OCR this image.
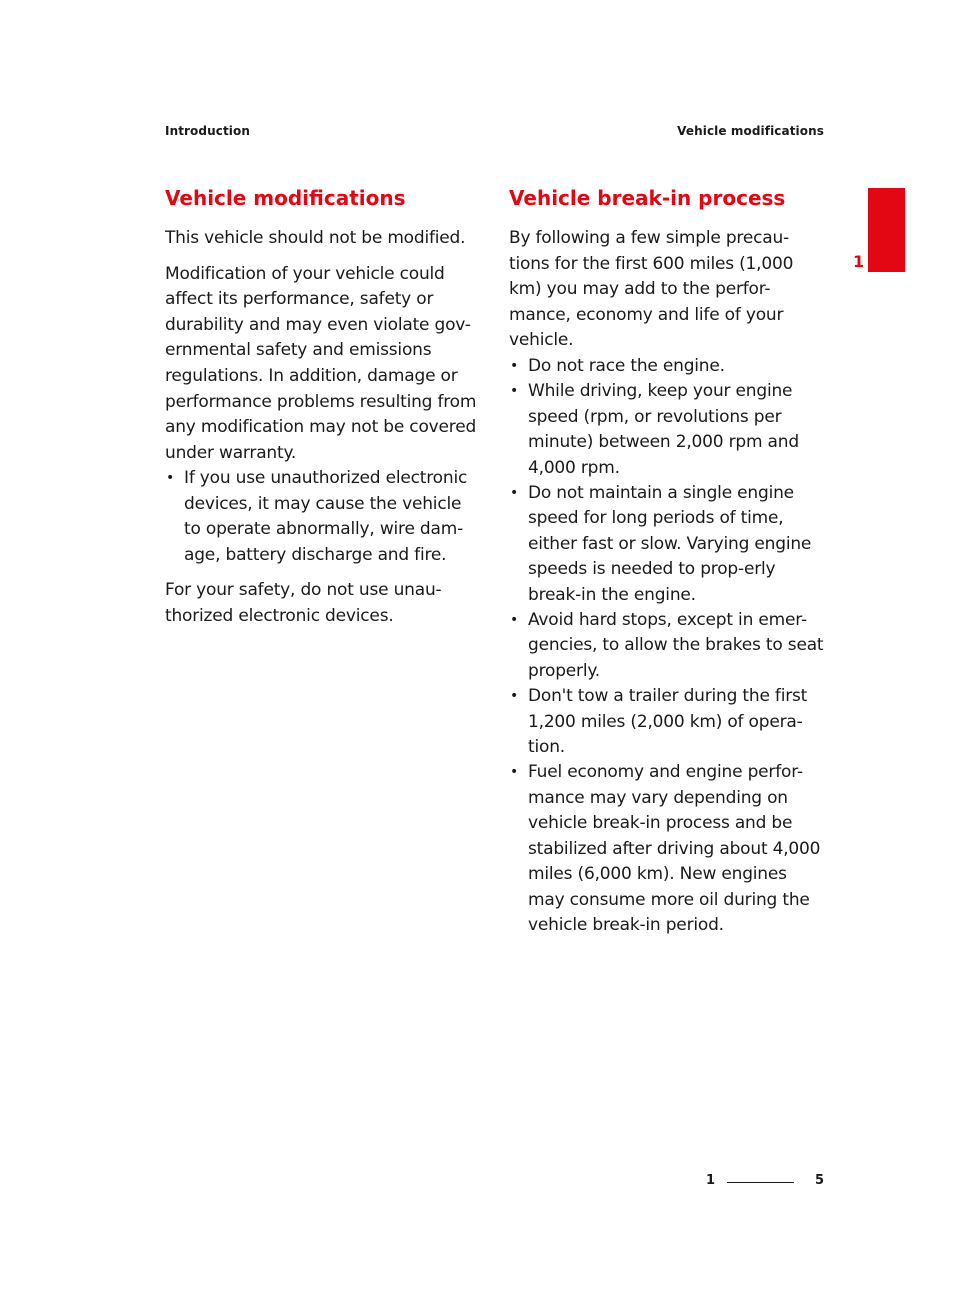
Introduction	Vehicle modifications
1
Vehicle modifications

This vehicle should not be modified.

Modification of your vehicle could affect its performance, safety or durability and may even violate gov-ernmental safety and emissions regulations. In addition, damage or performance problems resulting from any modification may not be covered under warranty.

• If you use unauthorized electronic devices, it may cause the vehicle to operate abnormally, wire dam-age, battery discharge and fire.

For your safety, do not use unau-thorized electronic devices.

Vehicle break-in process

By following a few simple precau-tions for the first 600 miles (1,000 km) you may add to the perfor-mance, economy and life of your vehicle.

• Do not race the engine.
• While driving, keep your engine speed (rpm, or revolutions per minute) between 2,000 rpm and 4,000 rpm.
• Do not maintain a single engine speed for long periods of time, either fast or slow. Varying engine speeds is needed to prop-erly break-in the engine.
• Avoid hard stops, except in emer-gencies, to allow the brakes to seat properly.
• Don't tow a trailer during the first 1,200 miles (2,000 km) of opera-tion.
• Fuel economy and engine perfor-mance may vary depending on vehicle break-in process and be stabilized after driving about 4,000 miles (6,000 km). New engines may consume more oil during the vehicle break-in period.
1	5
